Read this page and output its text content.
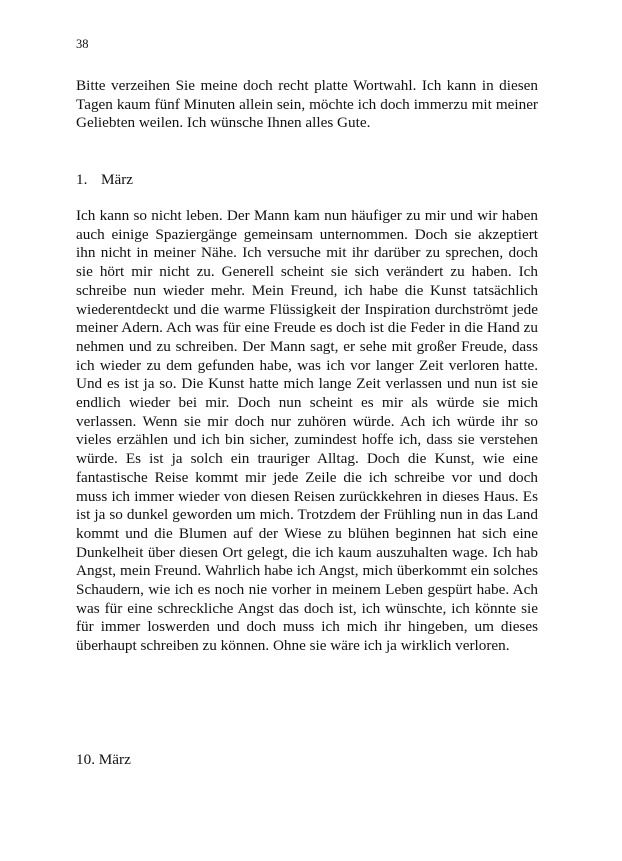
38

Bitte verzeihen Sie meine doch recht platte Wortwahl. Ich kann in diesen Tagen kaum fünf Minuten allein sein, möchte ich doch immerzu mit meiner Geliebten weilen. Ich wünsche Ihnen alles Gute.

1. März

Ich kann so nicht leben. Der Mann kam nun häufiger zu mir und wir haben auch einige Spaziergänge gemeinsam unternommen. Doch sie akzeptiert ihn nicht in meiner Nähe. Ich versuche mit ihr darüber zu sprechen, doch sie hört mir nicht zu. Generell scheint sie sich verändert zu haben. Ich schreibe nun wieder mehr. Mein Freund, ich habe die Kunst tatsächlich wiederentdeckt und die warme Flüssigkeit der Inspiration durchströmt jede meiner Adern. Ach was für eine Freude es doch ist die Feder in die Hand zu nehmen und zu schreiben. Der Mann sagt, er sehe mit großer Freude, dass ich wieder zu dem gefunden habe, was ich vor langer Zeit verloren hatte. Und es ist ja so. Die Kunst hatte mich lange Zeit verlassen und nun ist sie endlich wieder bei mir. Doch nun scheint es mir als würde sie mich verlassen. Wenn sie mir doch nur zuhören würde. Ach ich würde ihr so vieles erzählen und ich bin sicher, zumindest hoffe ich, dass sie verstehen würde. Es ist ja solch ein trauriger Alltag. Doch die Kunst, wie eine fantastische Reise kommt mir jede Zeile die ich schreibe vor und doch muss ich immer wieder von diesen Reisen zurückkehren in dieses Haus. Es ist ja so dunkel geworden um mich. Trotzdem der Frühling nun in das Land kommt und die Blumen auf der Wiese zu blühen beginnen hat sich eine Dunkelheit über diesen Ort gelegt, die ich kaum auszuhalten wage. Ich hab Angst, mein Freund. Wahrlich habe ich Angst, mich überkommt ein solches Schaudern, wie ich es noch nie vorher in meinem Leben gespürt habe. Ach was für eine schreckliche Angst das doch ist, ich wünschte, ich könnte sie für immer loswerden und doch muss ich mich ihr hingeben, um dieses überhaupt schreiben zu können. Ohne sie wäre ich ja wirklich verloren.

10. März
